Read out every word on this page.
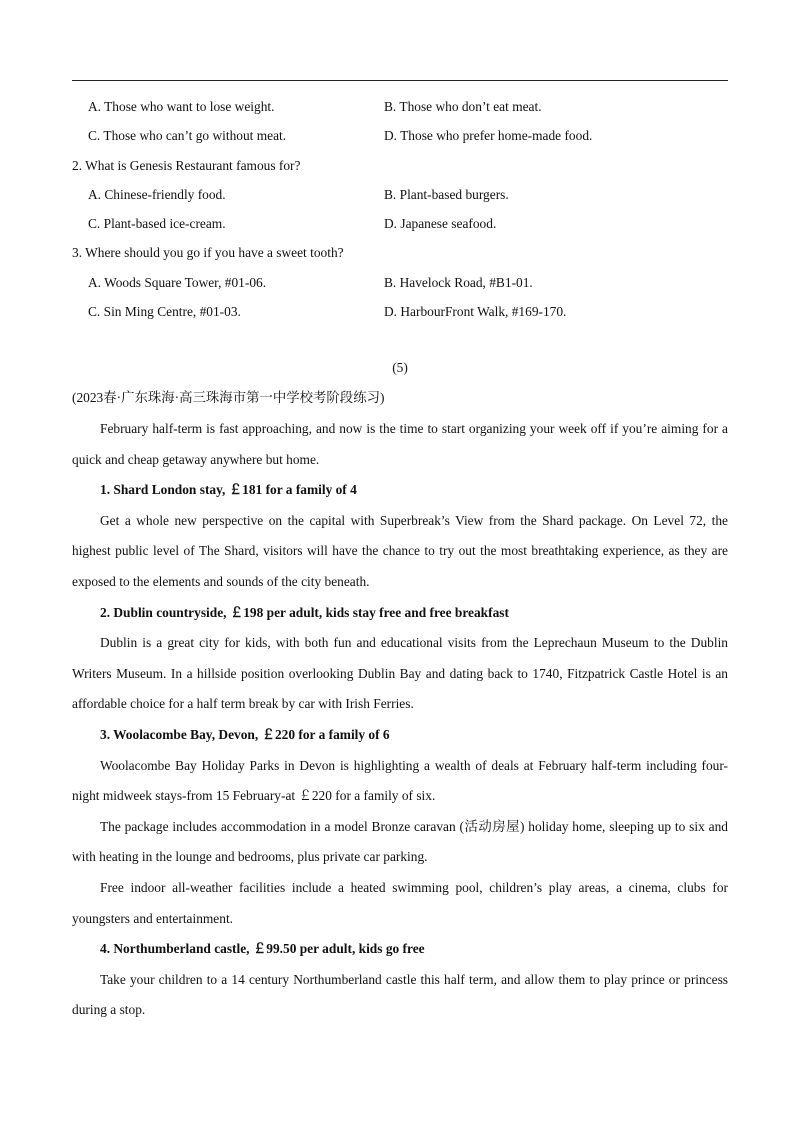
A. Those who want to lose weight.	B. Those who don’t eat meat.
C. Those who can’t go without meat.	D. Those who prefer home-made food.
2. What is Genesis Restaurant famous for?
A. Chinese-friendly food.	B. Plant-based burgers.
C. Plant-based ice-cream.	D. Japanese seafood.
3. Where should you go if you have a sweet tooth?
A. Woods Square Tower, #01-06.	B. Havelock Road, #B1-01.
C. Sin Ming Centre, #01-03.	D. HarbourFront Walk, #169-170.
(5)
(2023春·广东珠海·高三珠海市第一中学校考阶段练习)

February half-term is fast approaching, and now is the time to start organizing your week off if you’re aiming for a quick and cheap getaway anywhere but home.

1. Shard London stay, ￡181 for a family of 4

Get a whole new perspective on the capital with Superbreak’s View from the Shard package. On Level 72, the highest public level of The Shard, visitors will have the chance to try out the most breathtaking experience, as they are exposed to the elements and sounds of the city beneath.

2. Dublin countryside, ￡198 per adult, kids stay free and free breakfast

Dublin is a great city for kids, with both fun and educational visits from the Leprechaun Museum to the Dublin Writers Museum. In a hillside position overlooking Dublin Bay and dating back to 1740, Fitzpatrick Castle Hotel is an affordable choice for a half term break by car with Irish Ferries.

3. Woolacombe Bay, Devon, ￡220 for a family of 6

Woolacombe Bay Holiday Parks in Devon is highlighting a wealth of deals at February half-term including four-night midweek stays-from 15 February-at ￡220 for a family of six.

The package includes accommodation in a model Bronze caravan (活动房屋) holiday home, sleeping up to six and with heating in the lounge and bedrooms, plus private car parking.

Free indoor all-weather facilities include a heated swimming pool, children’s play areas, a cinema, clubs for youngsters and entertainment.

4. Northumberland castle, ￡99.50 per adult, kids go free

Take your children to a 14 century Northumberland castle this half term, and allow them to play prince or princess during a stop.
